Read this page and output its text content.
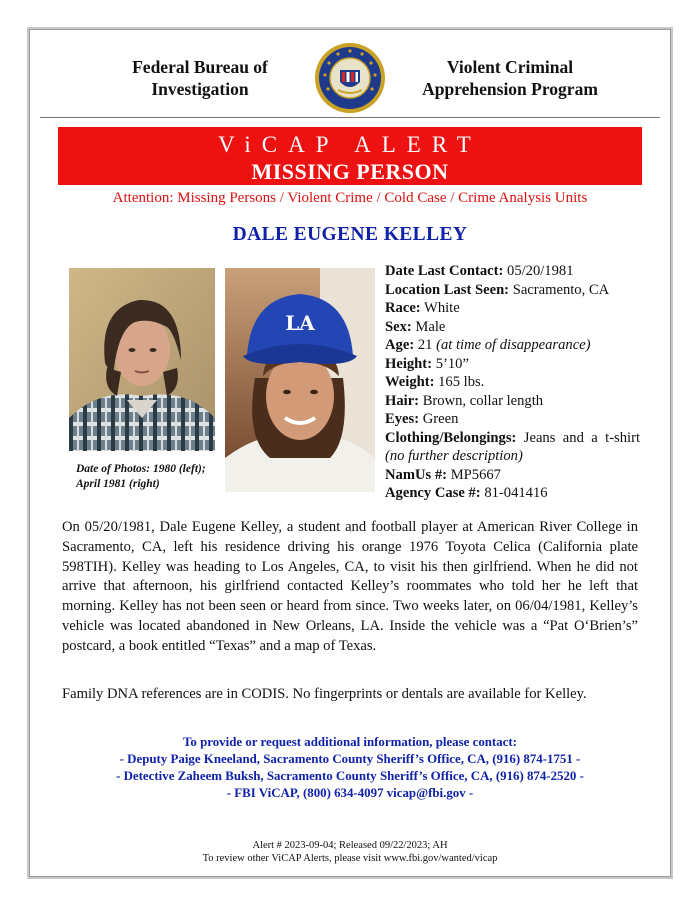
Federal Bureau of
Investigation
Violent Criminal
Apprehension Program
ViCAP ALERT
MISSING PERSON
Attention: Missing Persons / Violent Crime / Cold Case / Crime Analysis Units
DALE EUGENE KELLEY
LA
Date of Photos: 1980 (left);
April 1981 (right)
Date Last Contact: 05/20/1981
Location Last Seen: Sacramento, CA
Race: White
Sex: Male
Age: 21 (at time of disappearance)
Height: 5’10”
Weight: 165 lbs.
Hair: Brown, collar length
Eyes: Green
Clothing/Belongings: Jeans and a t-shirt (no further description)
NamUs #: MP5667
Agency Case #: 81-041416
On 05/20/1981, Dale Eugene Kelley, a student and football player at American River College in Sacramento, CA, left his residence driving his orange 1976 Toyota Celica (California plate 598TIH). Kelley was heading to Los Angeles, CA, to visit his then girlfriend. When he did not arrive that afternoon, his girlfriend contacted Kelley’s roommates who told her he left that morning. Kelley has not been seen or heard from since. Two weeks later, on 06/04/1981, Kelley’s vehicle was located abandoned in New Orleans, LA. Inside the vehicle was a “Pat O‘Brien’s” postcard, a book entitled “Texas” and a map of Texas.
Family DNA references are in CODIS. No fingerprints or dentals are available for Kelley.
To provide or request additional information, please contact:
- Deputy Paige Kneeland, Sacramento County Sheriff’s Office, CA, (916) 874-1751 -
- Detective Zaheem Buksh, Sacramento County Sheriff’s Office, CA, (916) 874-2520 -
- FBI ViCAP, (800) 634-4097 vicap@fbi.gov -
Alert # 2023-09-04; Released 09/22/2023; AH
To review other ViCAP Alerts, please visit www.fbi.gov/wanted/vicap
